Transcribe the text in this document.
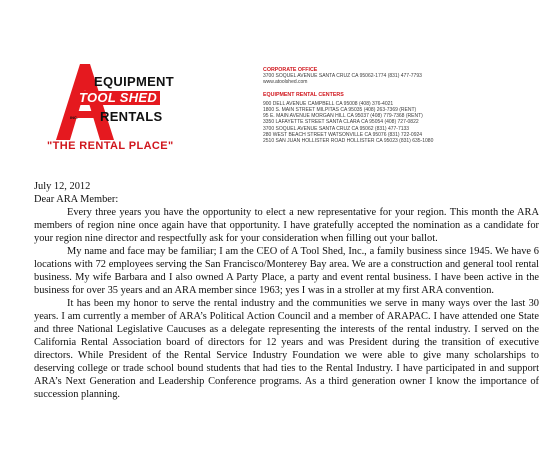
EQUIPMENT
TOOL SHED
RENTALS
INC.
"THE RENTAL PLACE"
CORPORATE OFFICE
3700 SOQUEL AVENUE SANTA CRUZ CA 95062-1774 (831) 477-7793
www.atoolshed.com
EQUIPMENT RENTAL CENTERS
900 DELL AVENUE CAMPBELL CA 95008 (408) 376-4021
1800 S. MAIN STREET MILPITAS CA 95035 (408) 263-7369 (RENT)
95 E. MAIN AVENUE MORGAN HILL CA 95037 (408) 779-7368 (RENT)
3350 LAFAYETTE STREET SANTA CLARA CA 95054 (408) 727-0822
3700 SOQUEL AVENUE SANTA CRUZ CA 95062 (831) 477-7133
280 WEST BEACH STREET WATSONVILLE CA 95076 (831) 722-0924
2510 SAN JUAN HOLLISTER ROAD HOLLISTER CA 95023 (831) 635-1080

July 12, 2012

Dear ARA Member:

Every three years you have the opportunity to elect a new representative for your region. This month the ARA members of region nine once again have that opportunity. I have gratefully accepted the nomination as a candidate for your region nine director and respectfully ask for your consideration when filling out your ballot.

My name and face may be familiar; I am the CEO of A Tool Shed, Inc., a family business since 1945. We have 6 locations with 72 employees serving the San Francisco/Monterey Bay area. We are a construction and general tool rental business. My wife Barbara and I also owned A Party Place, a party and event rental business. I have been active in the business for over 35 years and an ARA member since 1963; yes I was in a stroller at my first ARA convention.

It has been my honor to serve the rental industry and the communities we serve in many ways over the last 30 years. I am currently a member of ARA’s Political Action Council and a member of ARAPAC. I have attended one State and three National Legislative Caucuses as a delegate representing the interests of the rental industry. I served on the California Rental Association board of directors for 12 years and was President during the transition of executive directors. While President of the Rental Service Industry Foundation we were able to give many scholarships to deserving college or trade school bound students that had ties to the Rental Industry. I have participated in and support ARA’s Next Generation and Leadership Conference programs. As a third generation owner I know the importance of succession planning.
